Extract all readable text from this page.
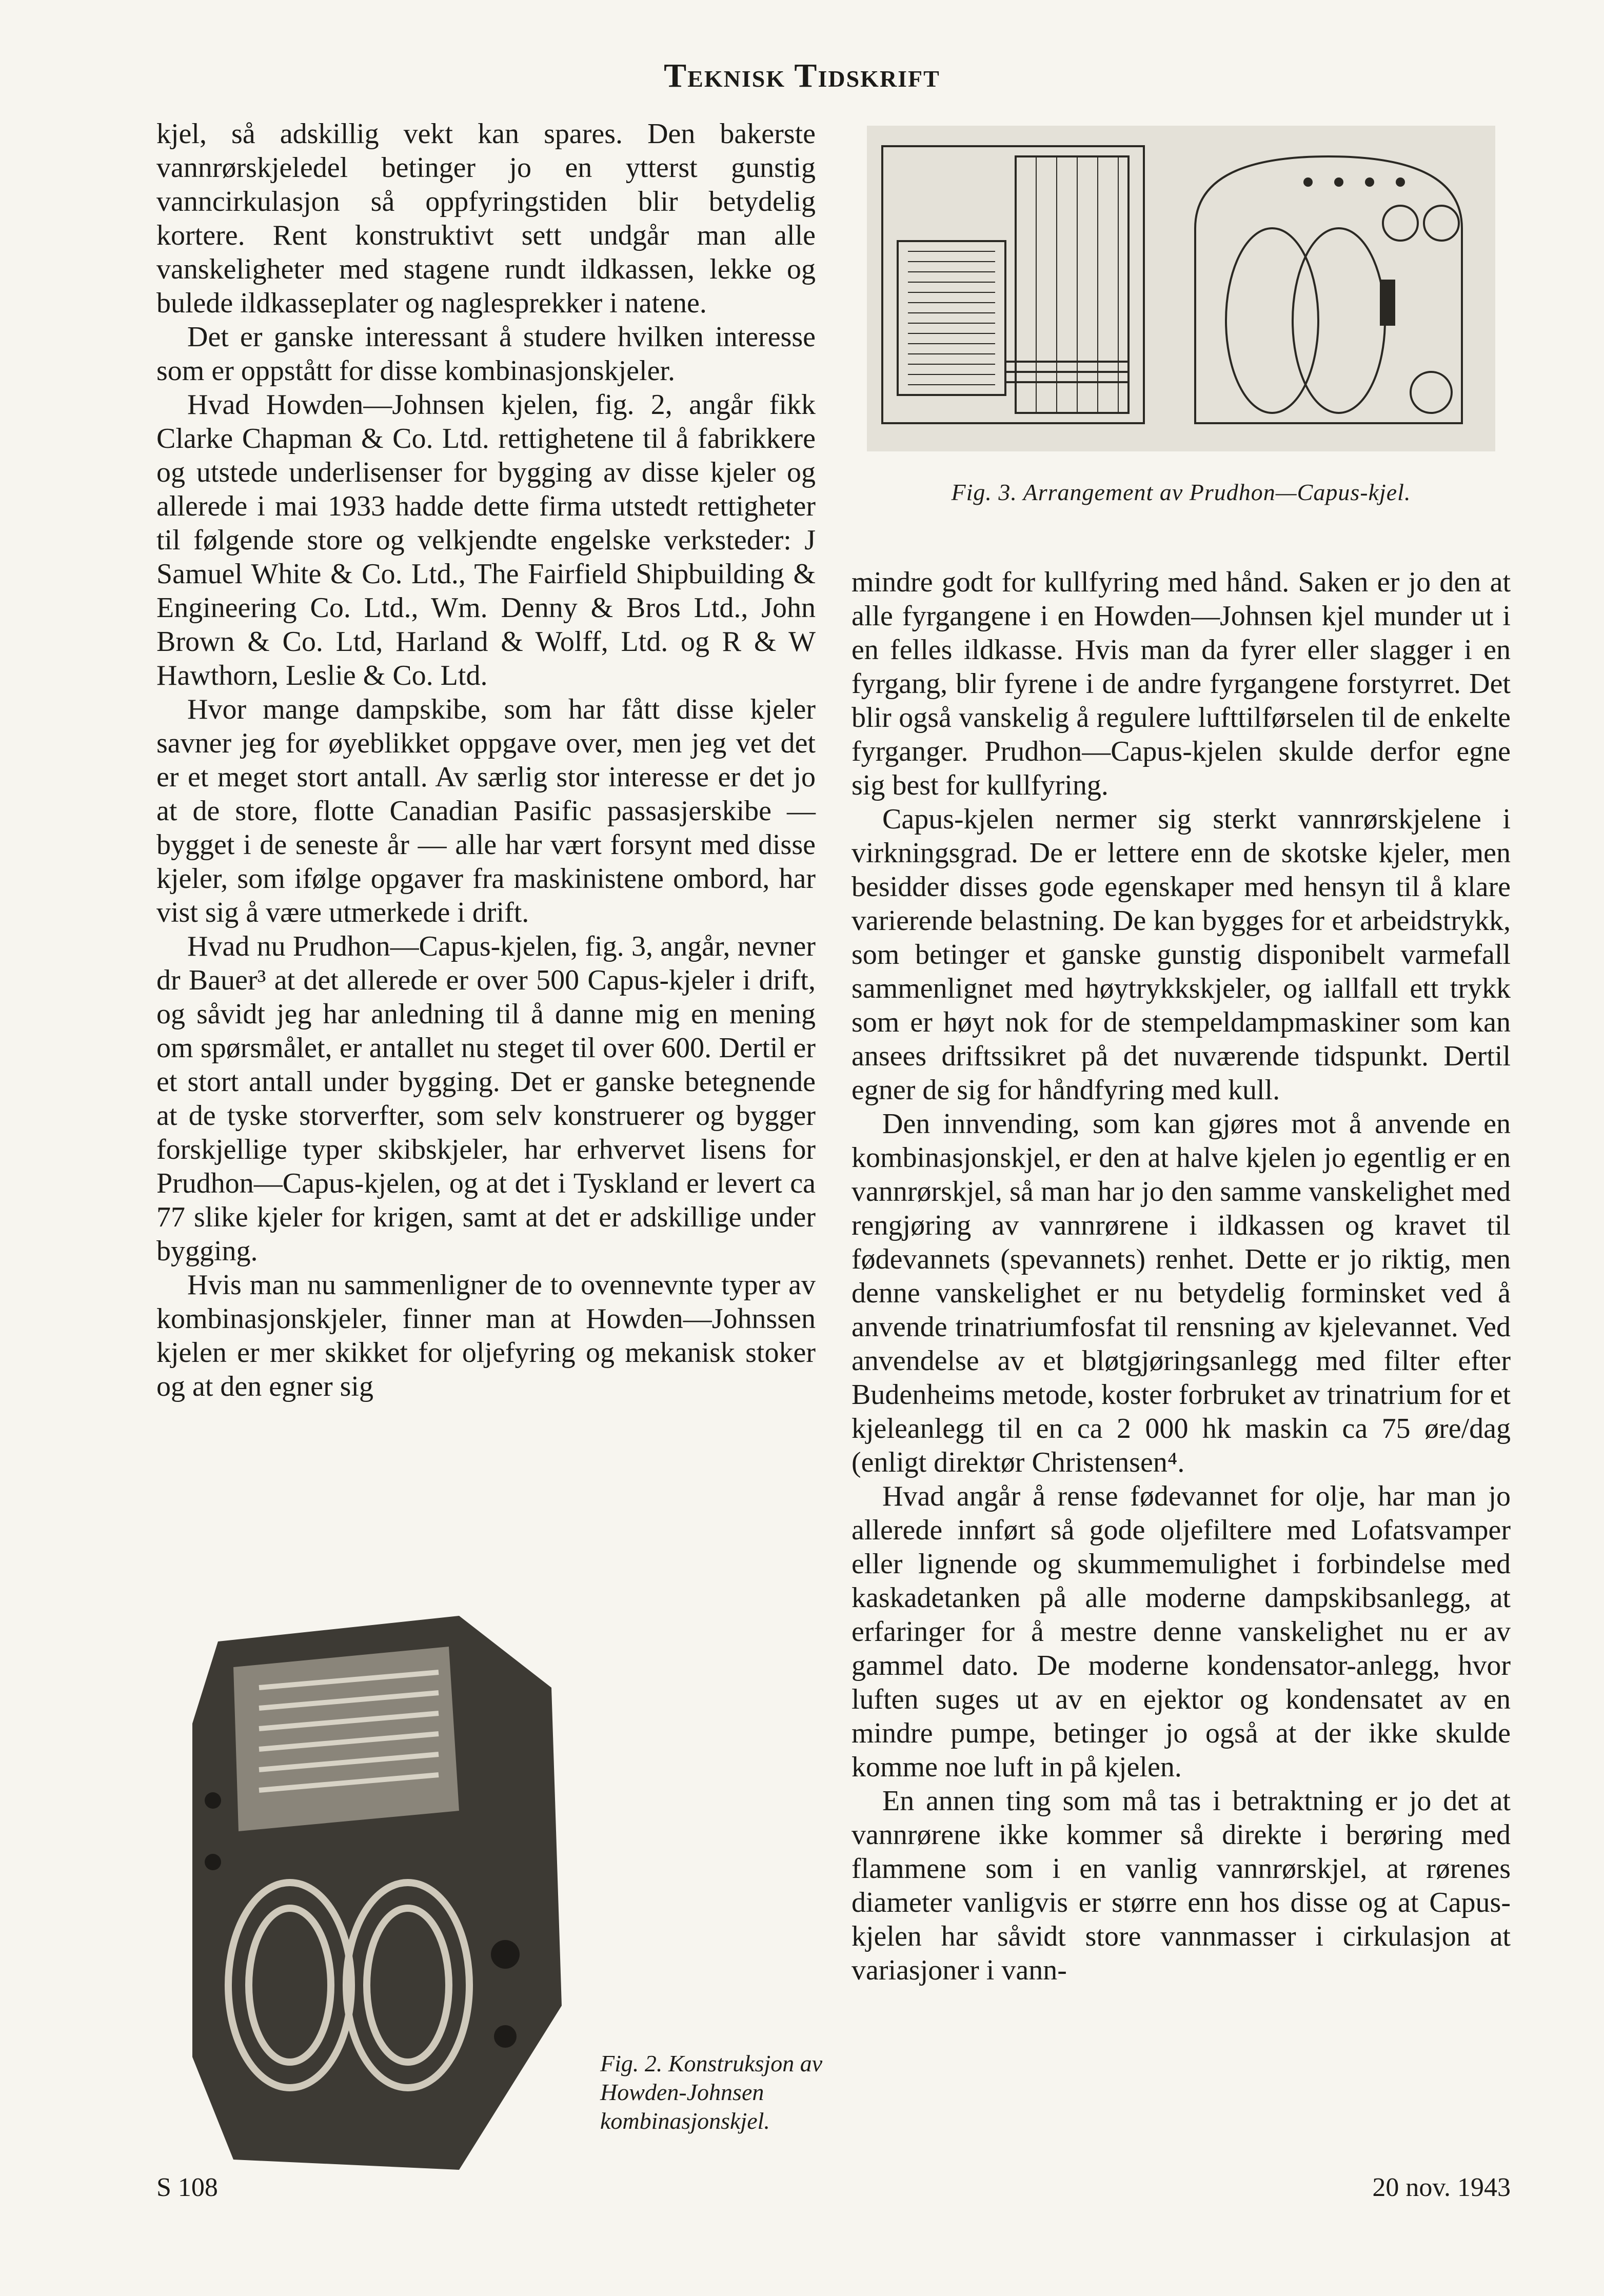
Teknisk Tidskrift

kjel, så adskillig vekt kan spares. Den bakerste vannrørskjeledel betinger jo en ytterst gunstig vanncirkulasjon så oppfyringstiden blir betydelig kortere. Rent konstruktivt sett undgår man alle vanskeligheter med stagene rundt ildkassen, lekke og bulede ildkasseplater og naglesprekker i natene.

Det er ganske interessant å studere hvilken interesse som er oppstått for disse kombinasjonskjeler.

Hvad Howden—Johnsen kjelen, fig. 2, angår fikk Clarke Chapman & Co. Ltd. rettighetene til å fabrikkere og utstede underlisenser for bygging av disse kjeler og allerede i mai 1933 hadde dette firma utstedt rettigheter til følgende store og velkjendte engelske verksteder: J Samuel White & Co. Ltd., The Fairfield Shipbuilding & Engineering Co. Ltd., Wm. Denny & Bros Ltd., John Brown & Co. Ltd, Harland & Wolff, Ltd. og R & W Hawthorn, Leslie & Co. Ltd.

Hvor mange dampskibe, som har fått disse kjeler savner jeg for øyeblikket oppgave over, men jeg vet det er et meget stort antall. Av særlig stor interesse er det jo at de store, flotte Canadian Pasific passasjerskibe — bygget i de seneste år — alle har vært forsynt med disse kjeler, som ifølge opgaver fra maskinistene ombord, har vist sig å være utmerkede i drift.

Hvad nu Prudhon—Capus-kjelen, fig. 3, angår, nevner dr Bauer³ at det allerede er over 500 Capus-kjeler i drift, og såvidt jeg har anledning til å danne mig en mening om spørsmålet, er antallet nu steget til over 600. Dertil er et stort antall under bygging. Det er ganske betegnende at de tyske storverfter, som selv konstruerer og bygger forskjellige typer skibskjeler, har erhvervet lisens for Prudhon—Capus-kjelen, og at det i Tyskland er levert ca 77 slike kjeler for krigen, samt at det er adskillige under bygging.

Hvis man nu sammenligner de to ovennevnte typer av kombinasjonskjeler, finner man at Howden—Johnssen kjelen er mer skikket for oljefyring og mekanisk stoker og at den egner sig

Fig. 3. Arrangement av Prudhon—Capus-kjel.

mindre godt for kullfyring med hånd. Saken er jo den at alle fyrgangene i en Howden—Johnsen kjel munder ut i en felles ildkasse. Hvis man da fyrer eller slagger i en fyrgang, blir fyrene i de andre fyrgangene forstyrret. Det blir også vanskelig å regulere lufttilførselen til de enkelte fyrganger. Prudhon—Capus-kjelen skulde derfor egne sig best for kullfyring.

Capus-kjelen nermer sig sterkt vannrørskjelene i virkningsgrad. De er lettere enn de skotske kjeler, men besidder disses gode egenskaper med hensyn til å klare varierende belastning. De kan bygges for et arbeidstrykk, som betinger et ganske gunstig disponibelt varmefall sammenlignet med høytrykkskjeler, og iallfall ett trykk som er høyt nok for de stempeldampmaskiner som kan ansees driftssikret på det nuværende tidspunkt. Dertil egner de sig for håndfyring med kull.

Den innvending, som kan gjøres mot å anvende en kombinasjonskjel, er den at halve kjelen jo egentlig er en vannrørskjel, så man har jo den samme vanskelighet med rengjøring av vannrørene i ildkassen og kravet til fødevannets (spevannets) renhet. Dette er jo riktig, men denne vanskelighet er nu betydelig forminsket ved å anvende trinatriumfosfat til rensning av kjelevannet. Ved anvendelse av et bløtgjøringsanlegg med filter efter Budenheims metode, koster forbruket av trinatrium for et kjeleanlegg til en ca 2 000 hk maskin ca 75 øre/dag (enligt direktør Christensen⁴.

Hvad angår å rense fødevannet for olje, har man jo allerede innført så gode oljefiltere med Lofatsvamper eller lignende og skummemulighet i forbindelse med kaskadetanken på alle moderne dampskibsanlegg, at erfaringer for å mestre denne vanskelighet nu er av gammel dato. De moderne kondensator-anlegg, hvor luften suges ut av en ejektor og kondensatet av en mindre pumpe, betinger jo også at der ikke skulde komme noe luft in på kjelen.

En annen ting som må tas i betraktning er jo det at vannrørene ikke kommer så direkte i berøring med flammene som i en vanlig vannrørskjel, at rørenes diameter vanligvis er større enn hos disse og at Capus-kjelen har såvidt store vannmasser i cirkulasjon at variasjoner i vann-

Fig. 2. Konstruksjon av Howden-Johnsen kombinasjonskjel.
S 108	20 nov. 1943
